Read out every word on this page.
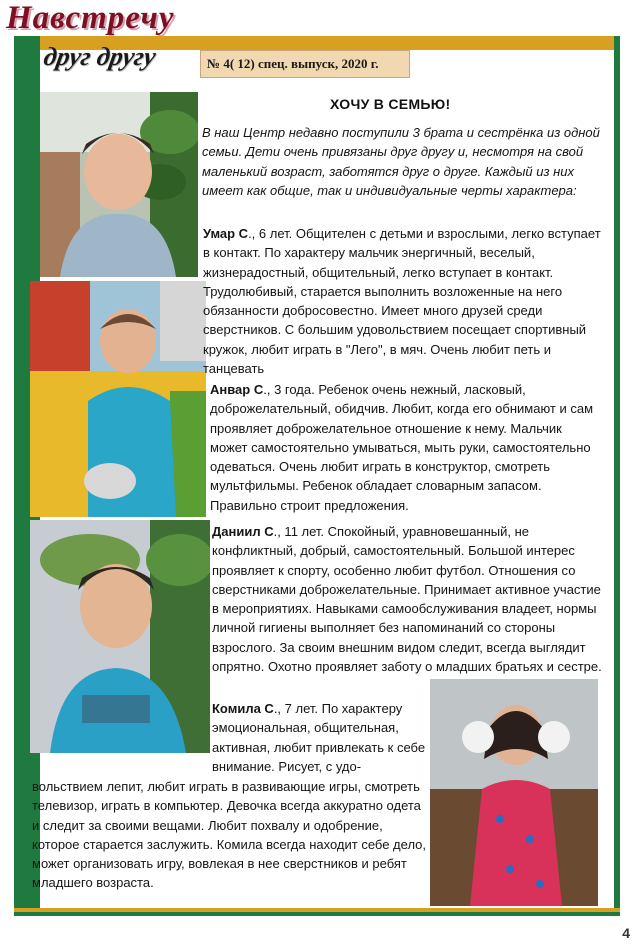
Навстречу
друг другу	№ 4( 12) спец. выпуск, 2020 г.
ХОЧУ В СЕМЬЮ!

В наш Центр недавно поступили 3 брата и сестрёнка из одной семьи. Дети очень привязаны друг другу и, несмотря на свой маленький возраст, заботятся друг о друге. Каждый из них имеет как общие, так и индивидуальные черты характера:

Умар С., 6 лет. Общителен с детьми и взрослыми, легко вступает в контакт. По характеру мальчик энергичный, веселый, жизнерадостный, общительный, легко вступает в контакт. Трудолюбивый, старается выполнить возложенные на него обязанности добросовестно. Имеет много друзей среди сверстников. С большим удовольствием посещает спортивный кружок, любит играть в "Лего", в мяч. Очень любит петь и танцевать

Анвар С., 3 года. Ребенок очень нежный, ласковый, доброжелательный, обидчив. Любит, когда его обнимают и сам проявляет доброжелательное отношение к нему. Мальчик может самостоятельно умываться, мыть руки, самостоятельно одеваться. Очень любит играть в конструктор, смотреть мультфильмы. Ребенок обладает словарным запасом. Правильно строит предложения.

Даниил С., 11 лет. Спокойный, уравновешанный, не конфликтный, добрый, самостоятельный. Большой интерес проявляет к спорту, особенно любит футбол. Отношения со сверстниками доброжелательные. Принимает активное участие в мероприятиях. Навыками самообслуживания владеет, нормы личной гигиены выполняет без напоминаний со стороны взрослого. За своим внешним видом следит, всегда выглядит опрятно. Охотно проявляет заботу о младших братьях и сестре.

Комила С., 7 лет. По характеру эмоциональная, общительная, активная, любит привлекать к себе внимание. Рисует, с удо-

вольствием лепит, любит играть в развивающие игры, смотреть телевизор, играть в компьютер. Девочка всегда аккуратно одета и следит за своими вещами. Любит похвалу и одобрение, которое старается заслужить. Комила всегда находит себе дело, может организовать игру, вовлекая в нее сверстников и ребят младшего возраста.

4
